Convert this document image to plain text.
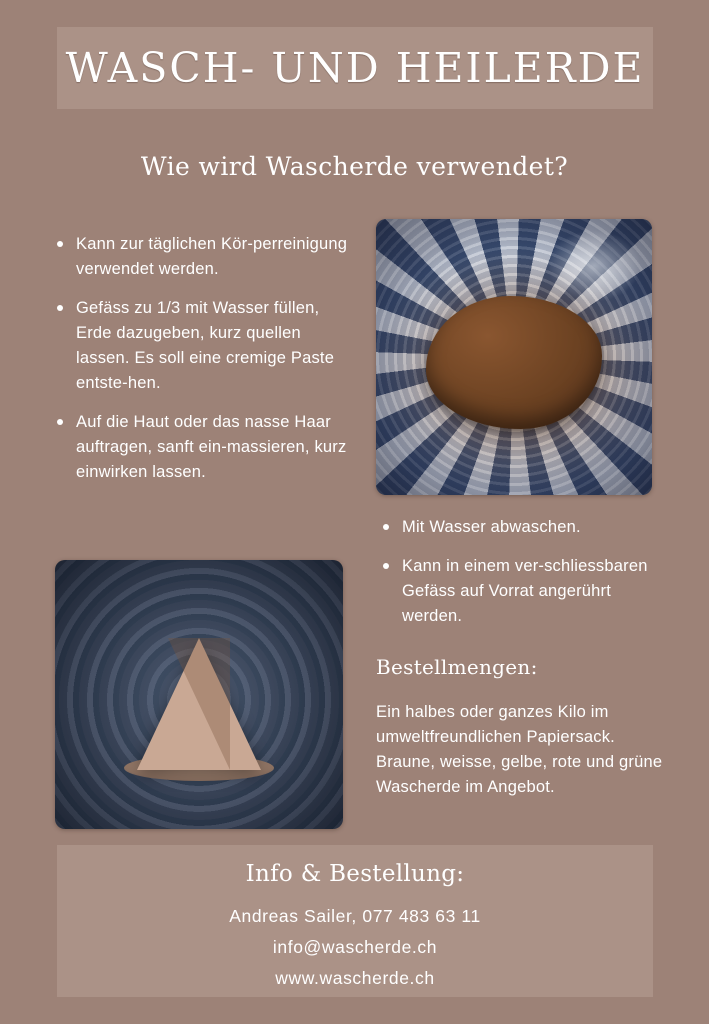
WASCH- UND HEILERDE
Wie wird Wascherde verwendet?
Kann zur täglichen Kör-perreinigung verwendet werden.
Gefäss zu 1/3 mit Wasser füllen, Erde dazugeben, kurz quellen lassen. Es soll eine cremige Paste entste-hen.
Auf die Haut oder das nasse Haar auftragen, sanft ein-massieren, kurz einwirken lassen.
Mit Wasser abwaschen.
Kann in einem ver-schliessbaren Gefäss auf Vorrat angerührt werden.
Bestellmengen:
Ein halbes oder ganzes Kilo im umweltfreundlichen Papiersack. Braune, weisse, gelbe, rote und grüne Wascherde im Angebot.
Info & Bestellung:
Andreas Sailer, 077 483 63 11
info@wascherde.ch
www.wascherde.ch
